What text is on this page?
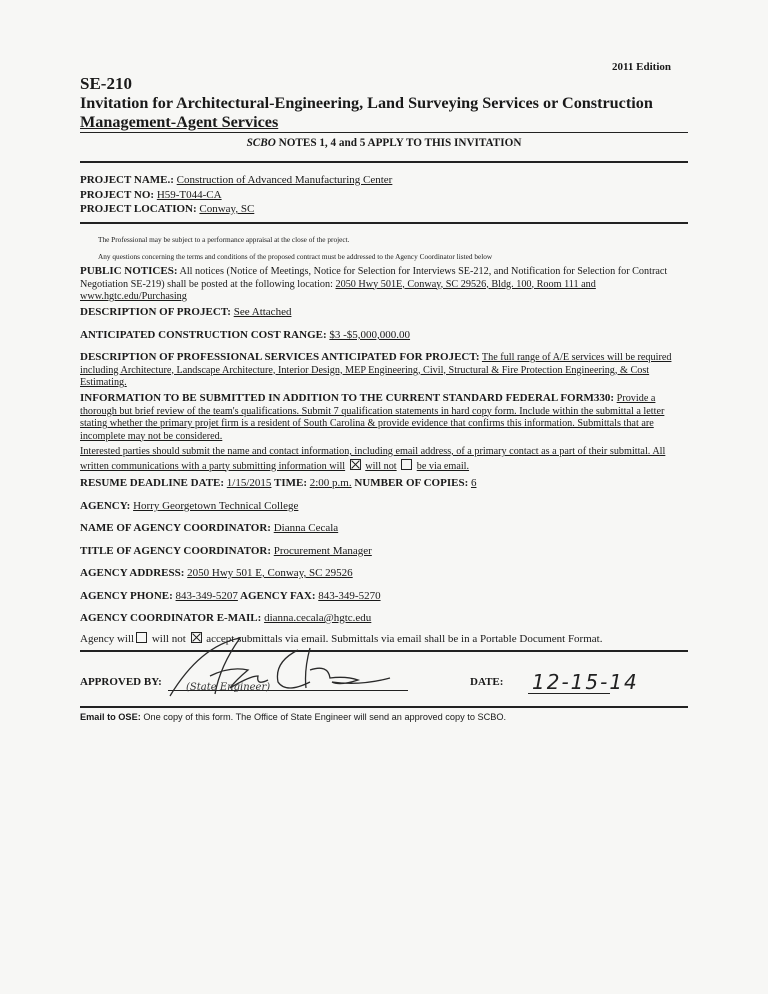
2011 Edition
SE-210
Invitation for Architectural-Engineering, Land Surveying Services or Construction
Management-Agent Services
SCBO NOTES 1, 4 and 5 APPLY TO THIS INVITATION
PROJECT NAME.: Construction of Advanced Manufacturing Center
PROJECT NO: H59-T044-CA
PROJECT LOCATION: Conway, SC
The Professional may be subject to a performance appraisal at the close of the project.
Any questions concerning the terms and conditions of the proposed contract must be addressed to the Agency Coordinator listed below
PUBLIC NOTICES: All notices (Notice of Meetings, Notice for Selection for Interviews SE-212, and Notification for Selection for Contract Negotiation SE-219) shall be posted at the following location: 2050 Hwy 501E, Conway, SC 29526, Bldg. 100, Room 111 and www.hgtc.edu/Purchasing
DESCRIPTION OF PROJECT: See Attached
ANTICIPATED CONSTRUCTION COST RANGE: $3 -$5,000,000.00
DESCRIPTION OF PROFESSIONAL SERVICES ANTICIPATED FOR PROJECT: The full range of A/E services will be required including Architecture, Landscape Architecture, Interior Design, MEP Engineering, Civil, Structural & Fire Protection Engineering, & Cost Estimating.
INFORMATION TO BE SUBMITTED IN ADDITION TO THE CURRENT STANDARD FEDERAL FORM330: Provide a thorough but brief review of the team's qualifications. Submit 7 qualification statements in hard copy form. Include within the submittal a letter stating whether the primary projet firm is a resident of South Carolina & provide evidence that confirms this information. Submittals that are incomplete may not be considered.
Interested parties should submit the name and contact information, including email address, of a primary contact as a part of their submittal. All written communications with a party submitting information will will not be via email.
RESUME DEADLINE DATE: 1/15/2015 TIME: 2:00 p.m. NUMBER OF COPIES: 6
AGENCY: Horry Georgetown Technical College
NAME OF AGENCY COORDINATOR: Dianna Cecala
TITLE OF AGENCY COORDINATOR: Procurement Manager
AGENCY ADDRESS: 2050 Hwy 501 E, Conway, SC 29526
AGENCY PHONE: 843-349-5207 AGENCY FAX: 843-349-5270
AGENCY COORDINATOR E-MAIL: dianna.cecala@hgtc.edu
Agency will will not accept submittals via email. Submittals via email shall be in a Portable Document Format.
APPROVED BY: (State Engineer)	DATE: 12-15-14
Email to OSE: One copy of this form. The Office of State Engineer will send an approved copy to SCBO.
